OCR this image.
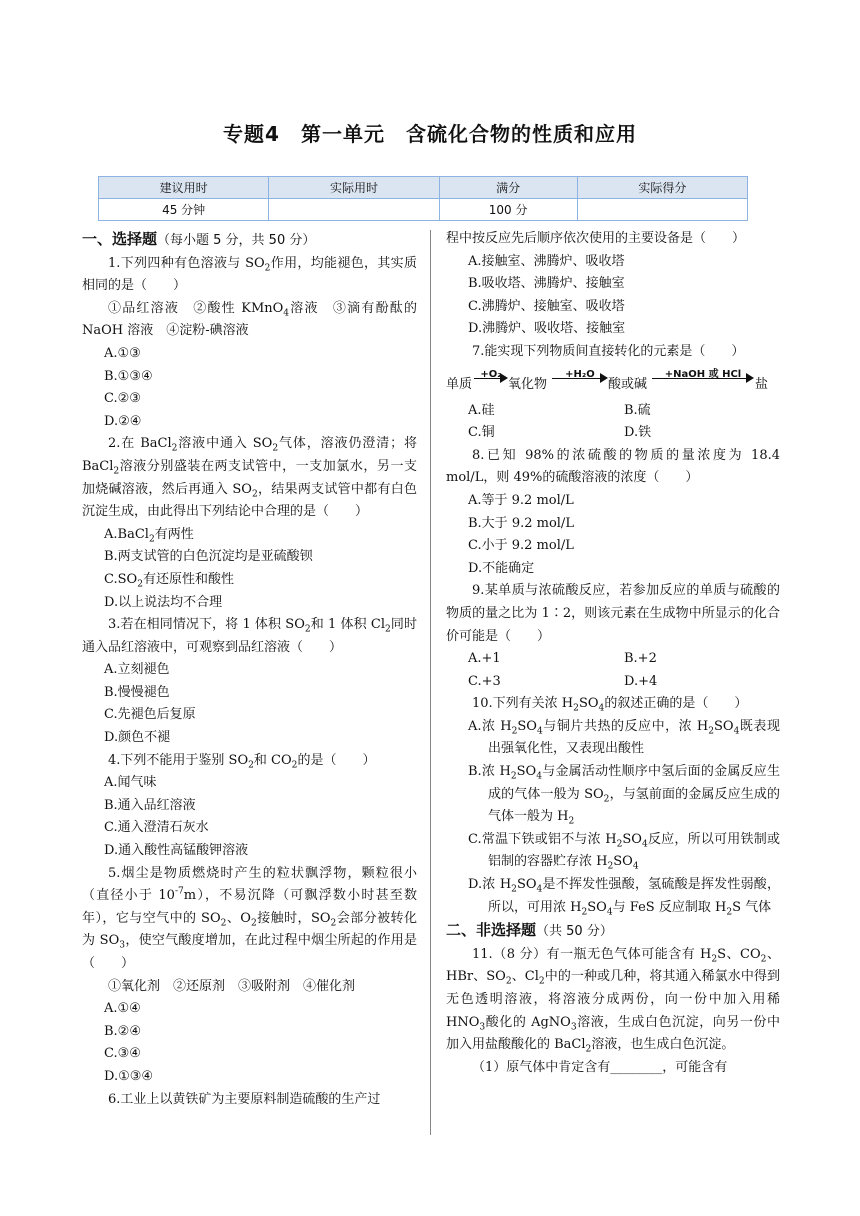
专题4　第一单元　含硫化合物的性质和应用
建议用时	实际用时	满分	实际得分
45 分钟		100 分	
一、选择题（每小题 5 分，共 50 分）
1.下列四种有色溶液与 $SO_2$作用，均能褪色，其实质相同的是（　　）
①品红溶液　②酸性 KMnO$_4$溶液　③滴有酚酞的NaOH 溶液　④淀粉-碘溶液
A.①③
B.①③④
C.②③
D.②④
2.在 BaCl$_2$溶液中通入 $SO_2$气体，溶液仍澄清；将 BaCl$_2$溶液分别盛装在两支试管中，一支加氯水，另一支加烧碱溶液，然后再通入 $SO_2$，结果两支试管中都有白色沉淀生成，由此得出下列结论中合理的是（　　）
A.BaCl$_2$有两性
B.两支试管的白色沉淀均是亚硫酸钡
$C.SO_2$有还原性和酸性
D.以上说法均不合理
3.若在相同情况下，将 1 体积 $SO_2$和 1 体积 $Cl_2$同时通入品红溶液中，可观察到品红溶液（　　）
A.立刻褪色
B.慢慢褪色
C.先褪色后复原
D.颜色不褪
4.下列不能用于鉴别 $SO_2$和 $CO_2$的是（　　）
A.闻气味
B.通入品红溶液
C.通入澄清石灰水
D.通入酸性高锰酸钾溶液
5.烟尘是物质燃烧时产生的粒状飘浮物，颗粒很小（直径小于 $10^{-7}m$），不易沉降（可飘浮数小时甚至数年），它与空气中的 $SO_2$、$O_2$接触时，$SO_2$会部分被转化为 $SO_3$，使空气酸度增加，在此过程中烟尘所起的作用是（　　）
①氧化剂　②还原剂　③吸附剂　④催化剂
A.①④
B.②④
C.③④
D.①③④
6.工业上以黄铁矿为主要原料制造硫酸的生产过
程中按反应先后顺序依次使用的主要设备是（　　）
A.接触室、沸腾炉、吸收塔
B.吸收塔、沸腾炉、接触室
C.沸腾炉、接触室、吸收塔
D.沸腾炉、吸收塔、接触室
7.能实现下列物质间直接转化的元素是（　　）
单质
+O₂
氧化物
+H₂O
酸或碱
+NaOH 或 HCl
盐
A.硅	B.硫
C.铜	D.铁
8.已知 98%的浓硫酸的物质的量浓度为 18.4 mol/L，则 49%的硫酸溶液的浓度（　　）
A.等于 9.2 mol/L
B.大于 9.2 mol/L
C.小于 9.2 mol/L
D.不能确定
9.某单质与浓硫酸反应，若参加反应的单质与硫酸的物质的量之比为 1∶2，则该元素在生成物中所显示的化合价可能是（　　）
A.+1	B.+2
C.+3	D.+4
10.下列有关浓 $H_2SO_4$的叙述正确的是（　　）
A.浓 $H_2SO_4$与铜片共热的反应中，浓 $H_2SO_4$既表现出强氧化性，又表现出酸性
B.浓 $H_2SO_4$与金属活动性顺序中氢后面的金属反应生成的气体一般为 $SO_2$，与氢前面的金属反应生成的气体一般为 $H_2$
C.常温下铁或铝不与浓 $H_2SO_4$反应，所以可用铁制或铝制的容器贮存浓 $H_2SO_4$
D.浓 $H_2SO_4$是不挥发性强酸，氢硫酸是挥发性弱酸，所以，可用浓 $H_2SO_4$与 FeS 反应制取 $H_2S$ 气体
二、非选择题（共 50 分）
11.（8 分）有一瓶无色气体可能含有 $H_2S$、$CO_2$、HBr、$SO_2$、$Cl_2$中的一种或几种，将其通入稀氯水中得到无色透明溶液，将溶液分成两份，向一份中加入用稀 $HNO_3$酸化的 AgNO$_3$溶液，生成白色沉淀，向另一份中加入用盐酸酸化的 BaCl$_2$溶液，也生成白色沉淀。
（1）原气体中肯定含有________，可能含有
